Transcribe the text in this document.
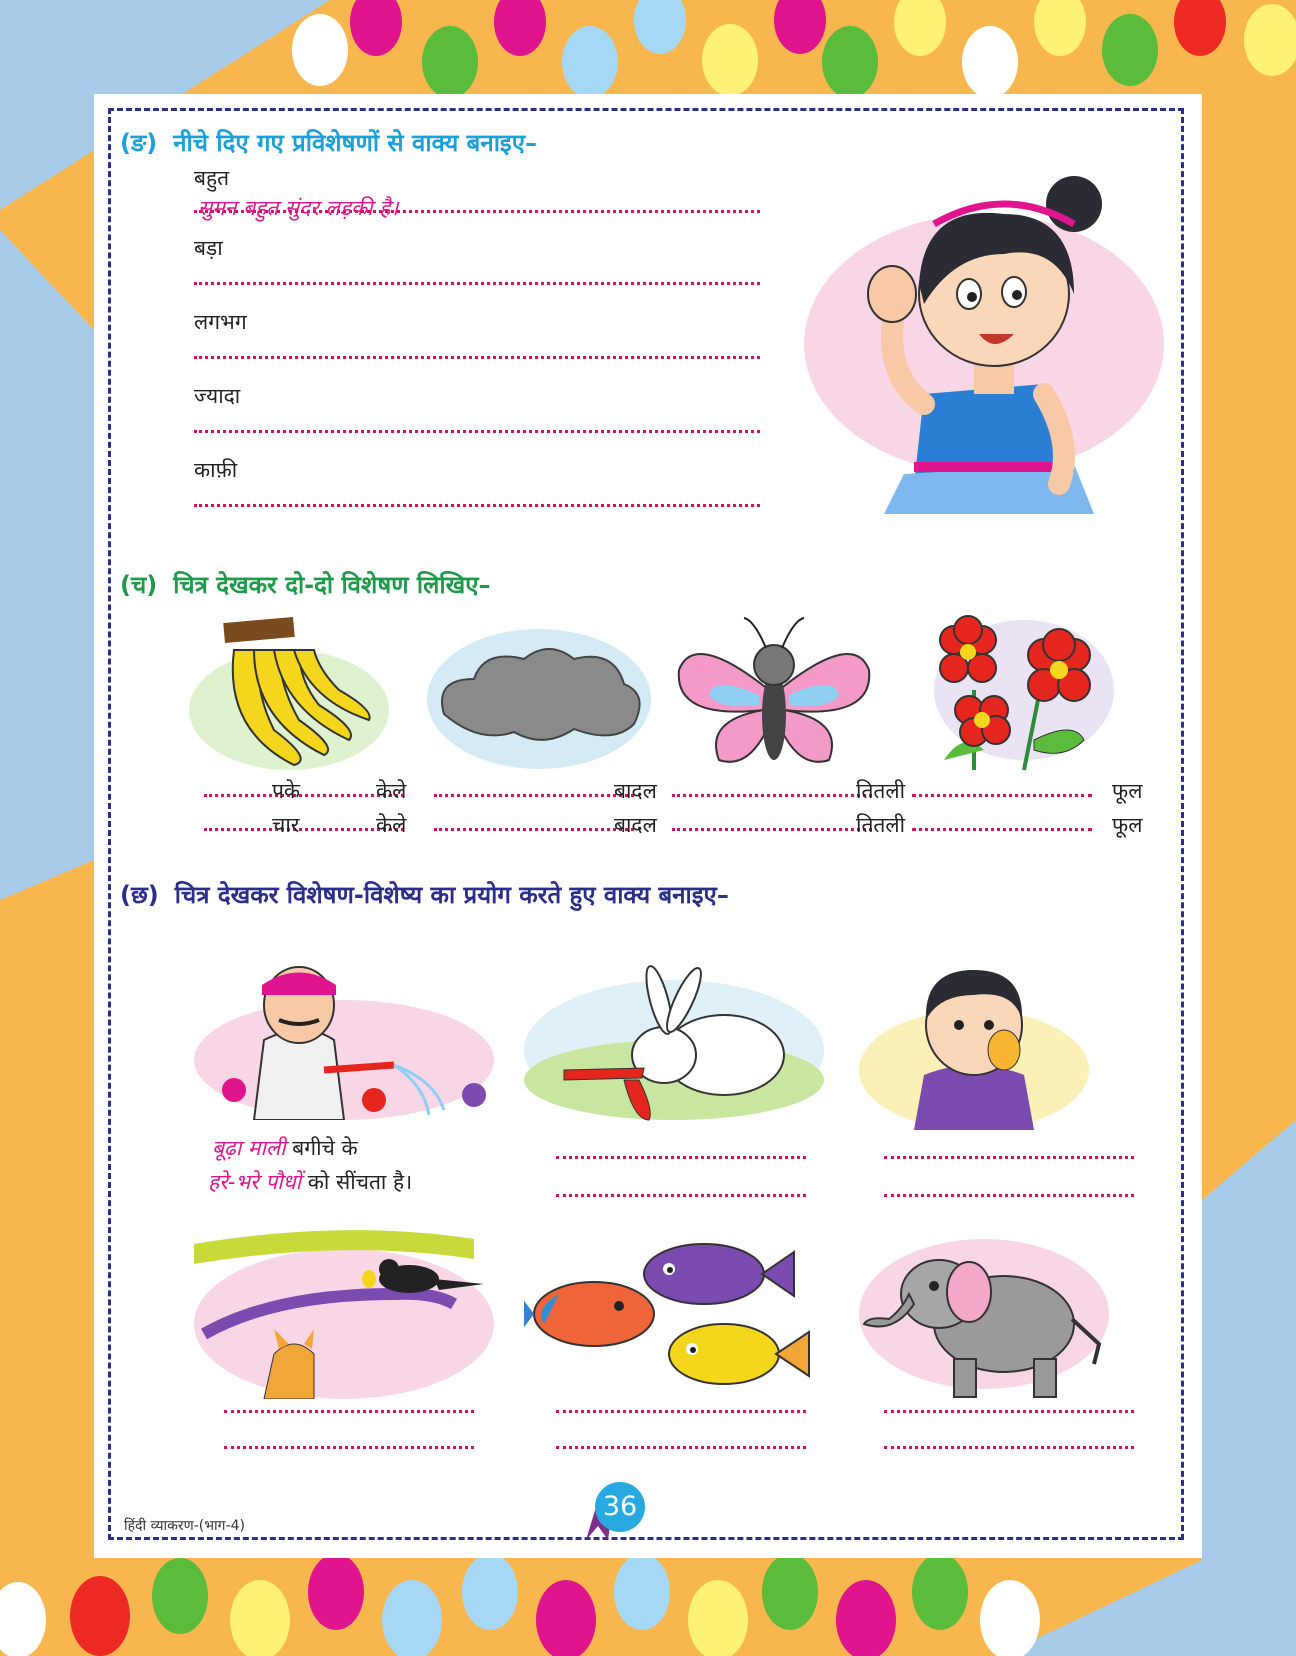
(ङ) नीचे दिए गए प्रविशेषणों से वाक्य बनाइए–
बहुत
सुमन बहुत सुंदर लड़की है।
बड़ा
लगभग
ज्यादा
काफ़ी
(च) चित्र देखकर दो-दो विशेषण लिखिए–
पके	केले	बादल	तितली	फूल
चार	केले	बादल	तितली	फूल
(छ) चित्र देखकर विशेषण-विशेष्य का प्रयोग करते हुए वाक्य बनाइए–
बूढ़ा माली बगीचे के
हरे-भरे पौधों को सींचता है।
हिंदी व्याकरण-(भाग-4)
36
